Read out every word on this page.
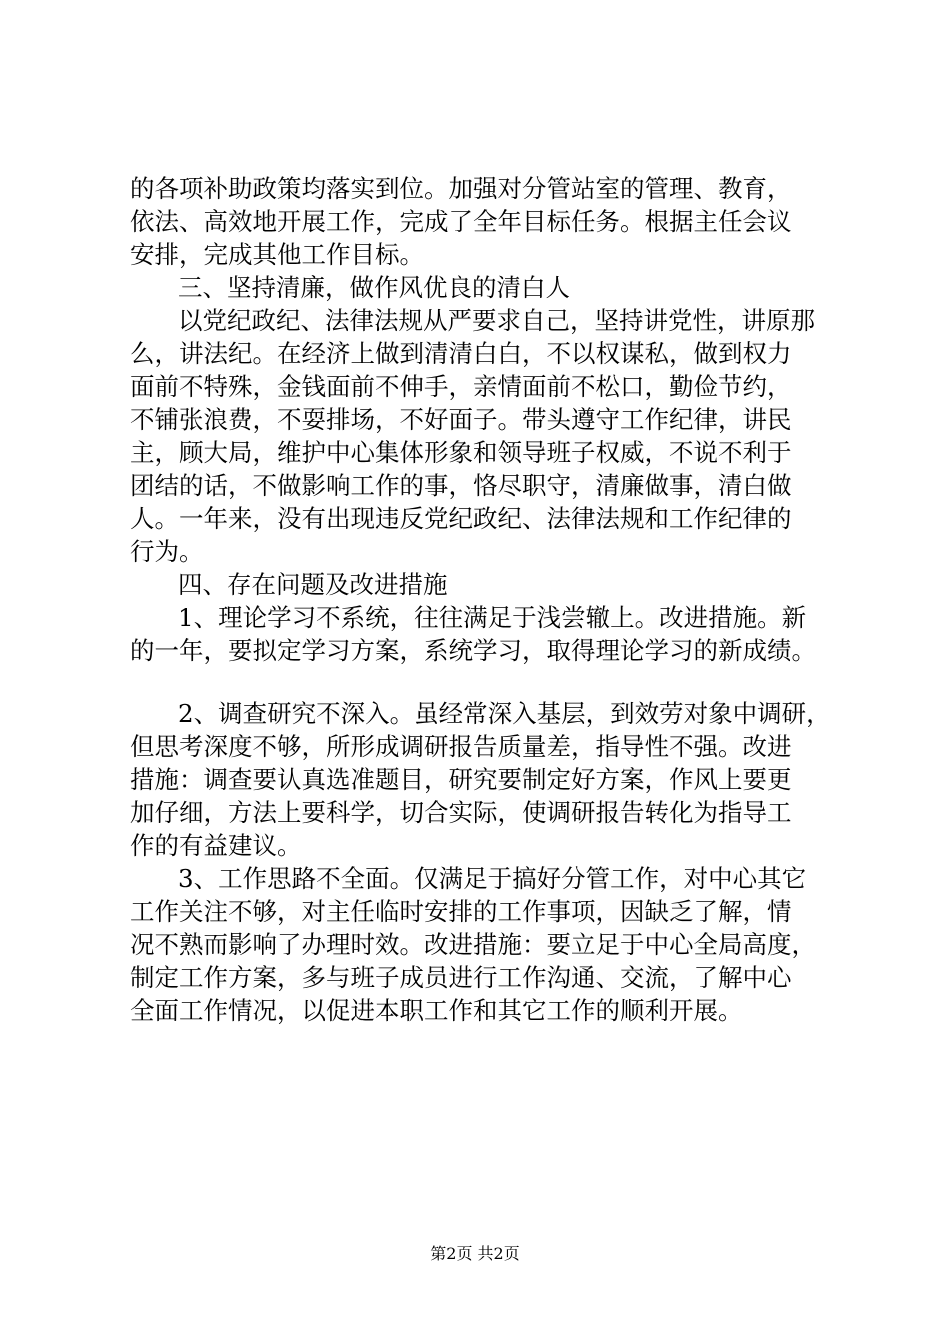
的各项补助政策均落实到位。加强对分管站室的管理、教育，
依法、高效地开展工作，完成了全年目标任务。根据主任会议
安排，完成其他工作目标。
三、坚持清廉，做作风优良的清白人
以党纪政纪、法律法规从严要求自己，坚持讲党性，讲原那
么，讲法纪。在经济上做到清清白白，不以权谋私，做到权力
面前不特殊，金钱面前不伸手，亲情面前不松口，勤俭节约，
不铺张浪费，不耍排场，不好面子。带头遵守工作纪律，讲民
主，顾大局，维护中心集体形象和领导班子权威，不说不利于
团结的话，不做影响工作的事，恪尽职守，清廉做事，清白做
人。一年来，没有出现违反党纪政纪、法律法规和工作纪律的
行为。
四、存在问题及改进措施
1、理论学习不系统，往往满足于浅尝辙上。改进措施。新
的一年，要拟定学习方案，系统学习，取得理论学习的新成绩。
2、调查研究不深入。虽经常深入基层，到效劳对象中调研，
但思考深度不够，所形成调研报告质量差，指导性不强。改进
措施：调查要认真选准题目，研究要制定好方案，作风上要更
加仔细，方法上要科学，切合实际，使调研报告转化为指导工
作的有益建议。
3、工作思路不全面。仅满足于搞好分管工作，对中心其它
工作关注不够，对主任临时安排的工作事项，因缺乏了解，情
况不熟而影响了办理时效。改进措施：要立足于中心全局高度，
制定工作方案，多与班子成员进行工作沟通、交流，了解中心
全面工作情况，以促进本职工作和其它工作的顺利开展。
第2页 共2页
